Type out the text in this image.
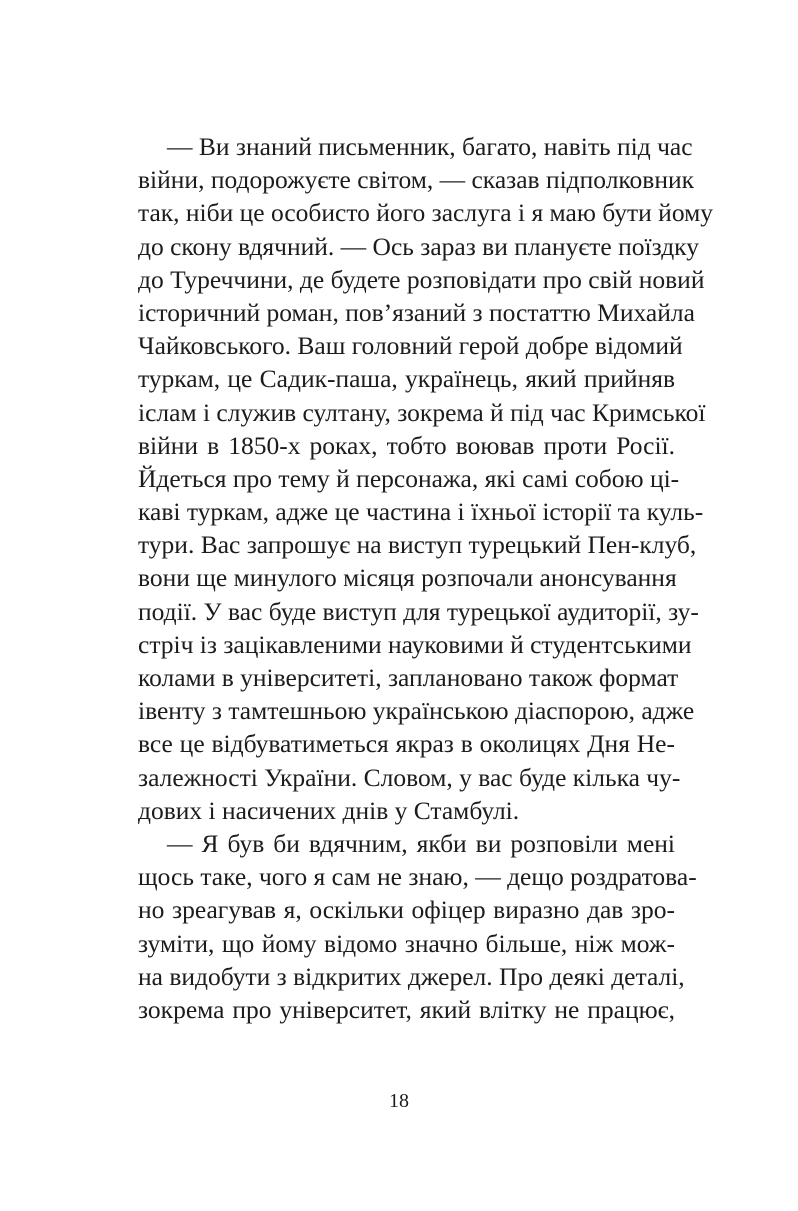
— Ви знаний письменник, багато, навіть під час
війни, подорожуєте світом, — сказав підполковник
так, ніби це особисто його заслуга і я маю бути йому
до скону вдячний. — Ось зараз ви плануєте поїздку
до Туреччини, де будете розповідати про свій новий
історичний роман, пов’язаний з постаттю Михайла
Чайковського. Ваш головний герой добре відомий
туркам, це Садик-паша, українець, який прийняв
іслам і служив султану, зокрема й під час Кримської
війни в 1850-х роках, тобто воював проти Росії.
Йдеться про тему й персонажа, які самі собою ці-
каві туркам, адже це частина і їхньої історії та куль-
тури. Вас запрошує на виступ турецький Пен-клуб,
вони ще минулого місяця розпочали анонсування
події. У вас буде виступ для турецької аудиторії, зу-
стріч із зацікавленими науковими й студентськими
колами в університеті, заплановано також формат
івенту з тамтешньою українською діаспорою, адже
все це відбуватиметься якраз в околицях Дня Не-
залежності України. Словом, у вас буде кілька чу-
дових і насичених днів у Стамбулі.
— Я був би вдячним, якби ви розповіли мені
щось таке, чого я сам не знаю, — дещо роздратова-
но зреагував я, оскільки офіцер виразно дав зро-
зуміти, що йому відомо значно більше, ніж мож-
на видобути з відкритих джерел. Про деякі деталі,
зокрема про університет, який влітку не працює,
18
